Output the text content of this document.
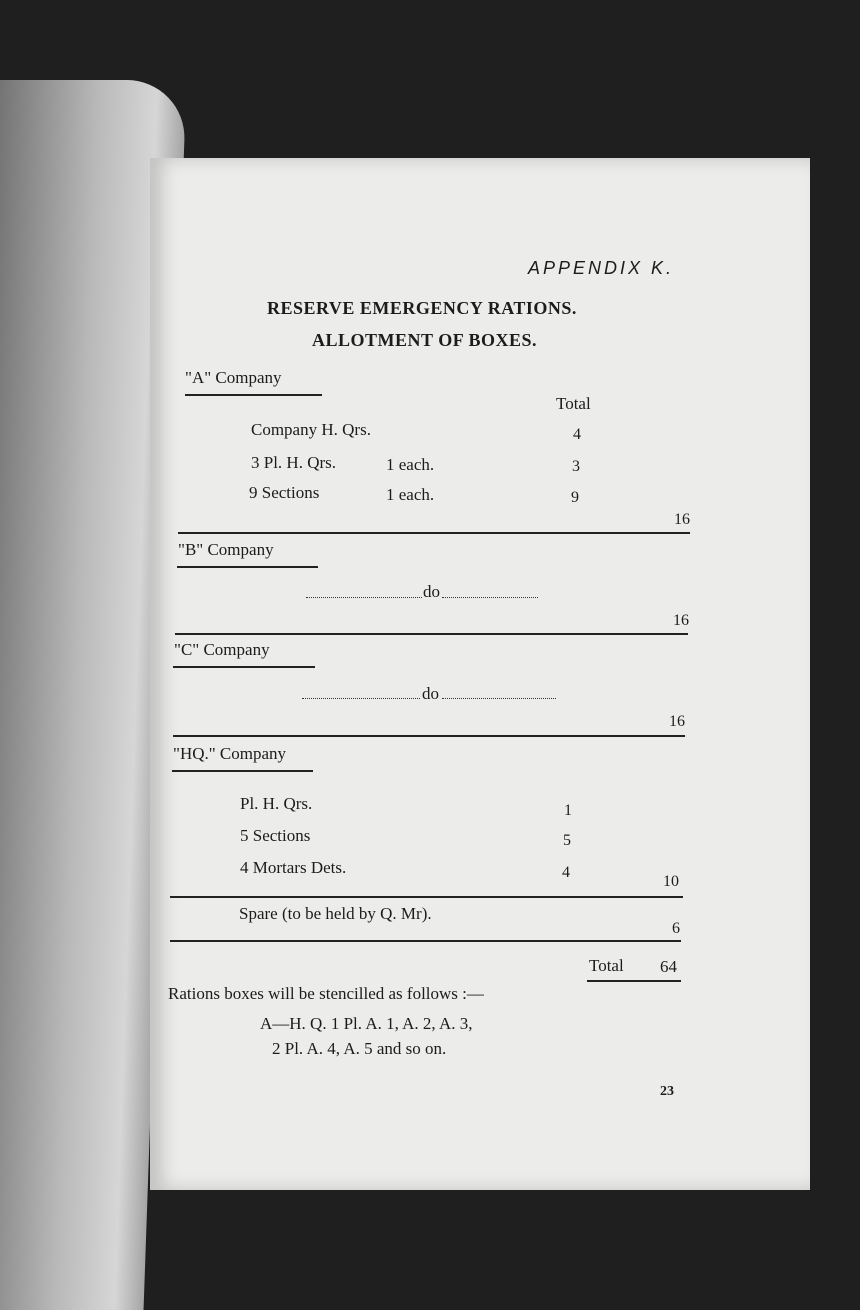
APPENDIX K.
RESERVE EMERGENCY RATIONS.
ALLOTMENT OF BOXES.
"A" Company
Total
Company H. Qrs.	4
3 Pl. H. Qrs.	1 each.	3
9 Sections	1 each.	9
16
"B" Company
do
16
"C" Company
do
16
"HQ." Company
Pl. H. Qrs.	1
5 Sections	5
4 Mortars Dets.	4
10
Spare (to be held by Q. Mr).
6
Total 64
Rations boxes will be stencilled as follows :—
A—H. Q. 1 Pl. A. 1, A. 2, A. 3,
2 Pl. A. 4, A. 5 and so on.
23
